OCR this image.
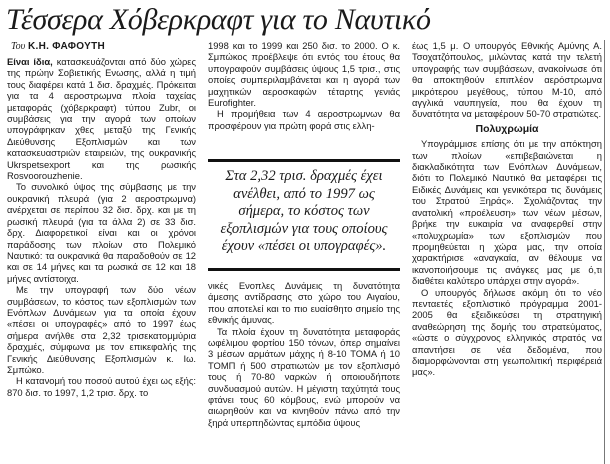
Τέσσερα Χόβερκραφτ για το Ναυτικό

Του Κ.Η. ΦΑΦΟΥΤΗ

Είναι ίδια, κατασκευάζονται από δύο χώρες της πρώην Σοβιετικής Ενωσης, αλλά η τιμή τους διαφέρει κατά 1 δισ. δραχμές. Πρόκειται για τα 4 αεροστρωμνα πλοία ταχείας μεταφοράς (χόβερκραφτ) τύπου Zubr, οι συμβάσεις για την αγορά των οποίων υπογράφηκαν χθες μεταξύ της Γενικής Διεύθυνσης Εξοπλισμών και των κατασκευαστριών εταιρειών, της ουκρανικής Ukrspetsexport και της ρωσικής Rosvoorouzhenie.

Το συνολικό ύψος της σύμβασης με την ουκρανική πλευρά (για 2 αεροστρωμνα) ανέρχεται σε περίπου 32 δισ. δρχ. και με τη ρωσική πλευρά (για τα άλλα 2) σε 33 δισ. δρχ. Διαφορετικοί είναι και οι χρόνοι παράδοσης των πλοίων στο Πολεμικό Ναυτικό: τα ουκρανικά θα παραδοθούν σε 12 και σε 14 μήνες και τα ρωσικά σε 12 και 18 μήνες αντίστοιχα.

Με την υπογραφή των δύο νέων συμβάσεων, το κόστος των εξοπλισμών των Ενόπλων Δυνάμεων για τα οποία έχουν «πέσει οι υπογραφές» από το 1997 έως σήμερα ανήλθε στα 2,32 τρισεκατομμύρια δραχμές, σύμφωνα με τον επικεφαλής της Γενικής Διεύθυνσης Εξοπλισμών κ. Ιω. Σμπώκο.

Η κατανομή του ποσού αυτού έχει ως εξής: 870 δισ. το 1997, 1,2 τρισ. δρχ. το

1998 και το 1999 και 250 δισ. το 2000. Ο κ. Σμπώκος προέβλεψε ότι εντός του έτους θα υπογραφούν συμβάσεις ύψους 1,5 τρισ., στις οποίες συμπεριλαμβάνεται και η αγορά των μαχητικών αεροσκαφών τέταρτης γενιάς Eurofighter.

Η προμήθεια των 4 αεροστρωμνων θα προσφέρουν για πρώτη φορά στις ελλη-

νικές Ενοπλες Δυνάμεις τη δυνατότητα άμεσης αντίδρασης στο χώρο του Αιγαίου, που αποτελεί και το πιο ευαίσθητο σημείο της εθνικής άμυνας.

Τα πλοία έχουν τη δυνατότητα μεταφοράς ωφέλιμου φορτίου 150 τόνων, όπερ σημαίνει 3 μέσων αρμάτων μάχης ή 8-10 ΤΟΜΑ ή 10 ΤΟΜΠ ή 500 στρατιωτών με τον εξοπλισμό τους ή 70-80 ναρκών ή οποιουδήποτε συνδυασμού αυτών. Η μέγιστη ταχύτητά τους φτάνει τους 60 κόμβους, ενώ μπορούν να αιωρηθούν και να κινηθούν πάνω από την ξηρά υπερπηδώντας εμπόδια ύψους

Στα 2,32 τρισ. δραχμές έχει ανέλθει, από το 1997 ως σήμερα, το κόστος των εξοπλισμών για τους οποίους έχουν «πέσει οι υπογραφές».

έως 1,5 μ. Ο υπουργός Εθνικής Αμύνης Α. Τσοχατζόπουλος, μιλώντας κατά την τελετή υπογραφής των συμβάσεων, ανακοίνωσε ότι θα αποκτηθούν επιπλέον αερόστρωμνα μικρότερου μεγέθους, τύπου Μ-10, από αγγλικά ναυπηγεία, που θα έχουν τη δυνατότητα να μεταφέρουν 50-70 στρατιώτες.

Πολυχρωμία

Υπογράμμισε επίσης ότι με την απόκτηση των πλοίων «επιβεβαιώνεται η διακλαδικότητα των Ενόπλων Δυνάμεων, διότι το Πολεμικό Ναυτικό θα μεταφέρει τις Ειδικές Δυνάμεις και γενικότερα τις δυνάμεις του Στρατού Ξηράς». Σχολιάζοντας την ανατολική «προέλευση» των νέων μέσων, βρήκε την ευκαιρία να αναφερθεί στην «πολυχρωμία» των εξοπλισμών που προμηθεύεται η χώρα μας, την οποία χαρακτήρισε «αναγκαία, αν θέλουμε να ικανοποιήσουμε τις ανάγκες μας με ό,τι διαθέτει καλύτερο υπάρχει στην αγορά».

Ο υπουργός δήλωσε ακόμη ότι το νέο πενταετές εξοπλιστικό πρόγραμμα 2001-2005 θα εξειδικεύσει τη στρατηγική αναθεώρηση της δομής του στρατεύματος, «ώστε ο σύγχρονος ελληνικός στρατός να απαντήσει σε νέα δεδομένα, που διαμορφώνονται στη γεωπολιτική περιφέρειά μας».
